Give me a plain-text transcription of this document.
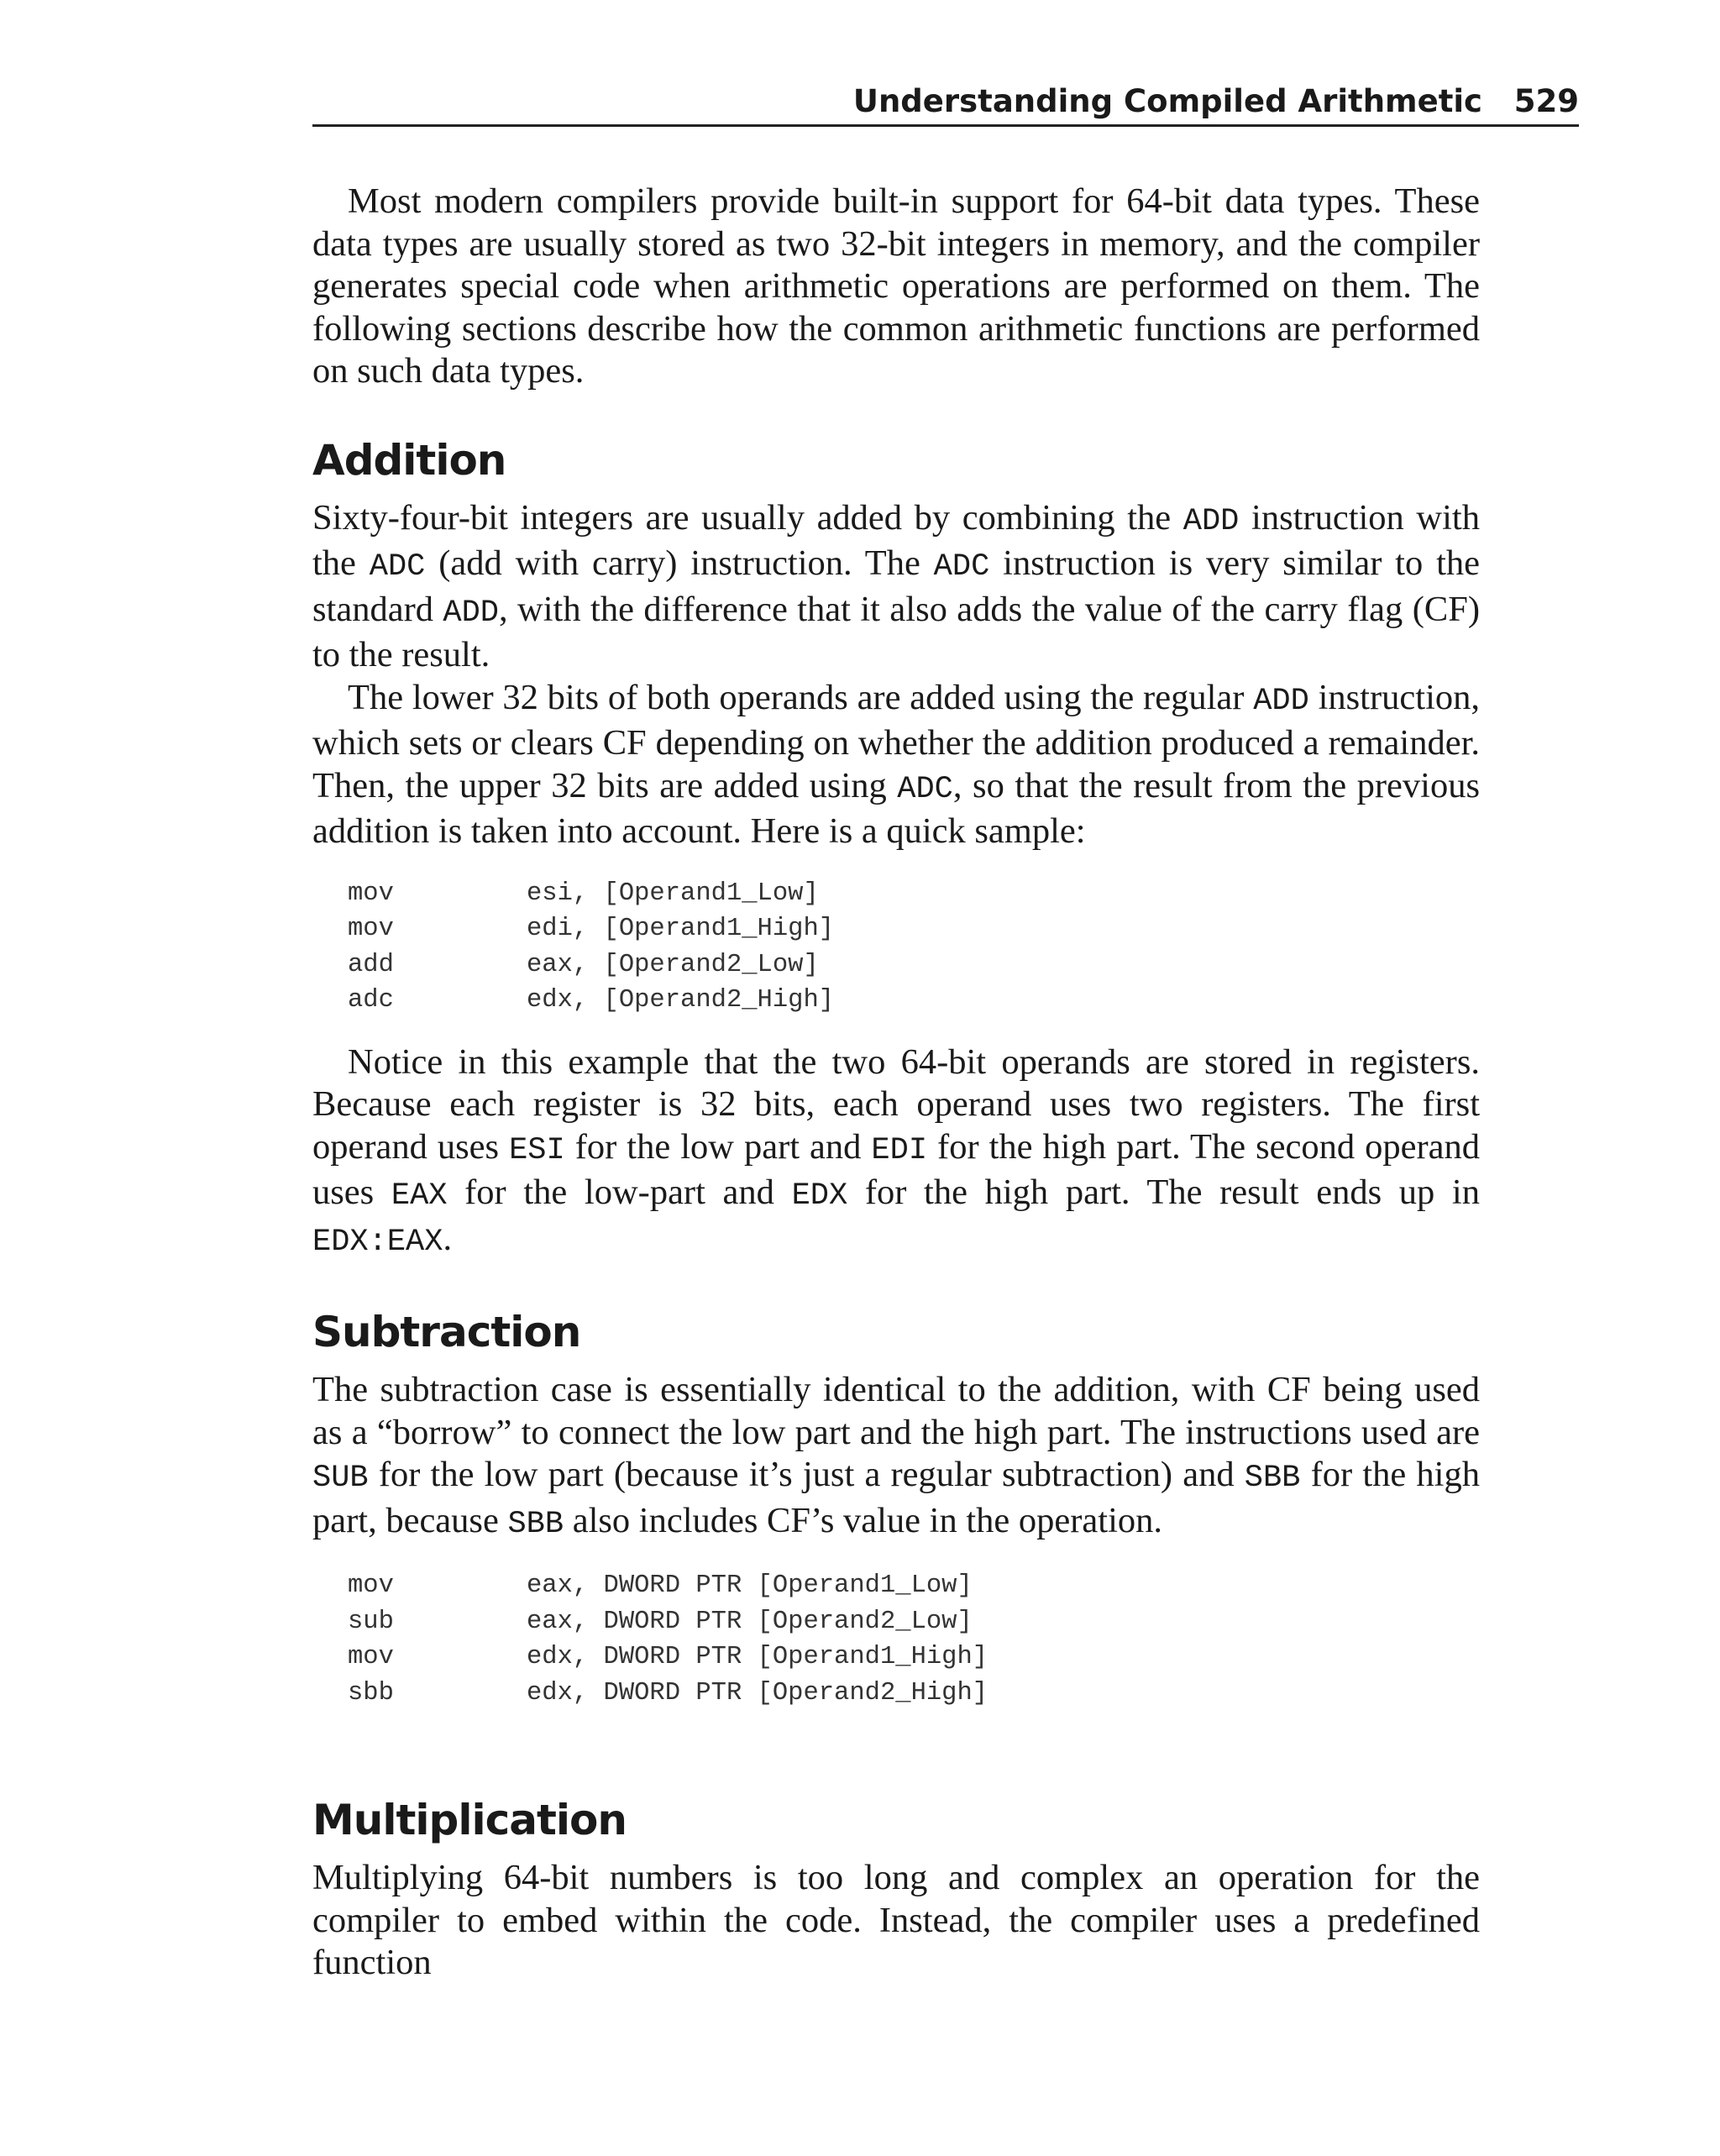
Understanding Compiled Arithmetic 529

Most modern compilers provide built-in support for 64-bit data types. These data types are usually stored as two 32-bit integers in memory, and the compiler generates special code when arithmetic operations are performed on them. The following sections describe how the common arithmetic functions are performed on such data types.

Addition

Sixty-four-bit integers are usually added by combining the ADD instruction with the ADC (add with carry) instruction. The ADC instruction is very similar to the standard ADD, with the difference that it also adds the value of the carry flag (CF) to the result.

The lower 32 bits of both operands are added using the regular ADD instruction, which sets or clears CF depending on whether the addition produced a remainder. Then, the upper 32 bits are added using ADC, so that the result from the previous addition is taken into account. Here is a quick sample:

mov	esi, [Operand1_Low]
mov	edi, [Operand1_High]
add	eax, [Operand2_Low]
adc	edx, [Operand2_High]

Notice in this example that the two 64-bit operands are stored in registers. Because each register is 32 bits, each operand uses two registers. The first operand uses ESI for the low part and EDI for the high part. The second operand uses EAX for the low-part and EDX for the high part. The result ends up in EDX:EAX.

Subtraction

The subtraction case is essentially identical to the addition, with CF being used as a “borrow” to connect the low part and the high part. The instructions used are SUB for the low part (because it’s just a regular subtraction) and SBB for the high part, because SBB also includes CF’s value in the operation.

mov	eax, DWORD PTR [Operand1_Low]
sub	eax, DWORD PTR [Operand2_Low]
mov	edx, DWORD PTR [Operand1_High]
sbb	edx, DWORD PTR [Operand2_High]
Multiplication

Multiplying 64-bit numbers is too long and complex an operation for the compiler to embed within the code. Instead, the compiler uses a predefined function
